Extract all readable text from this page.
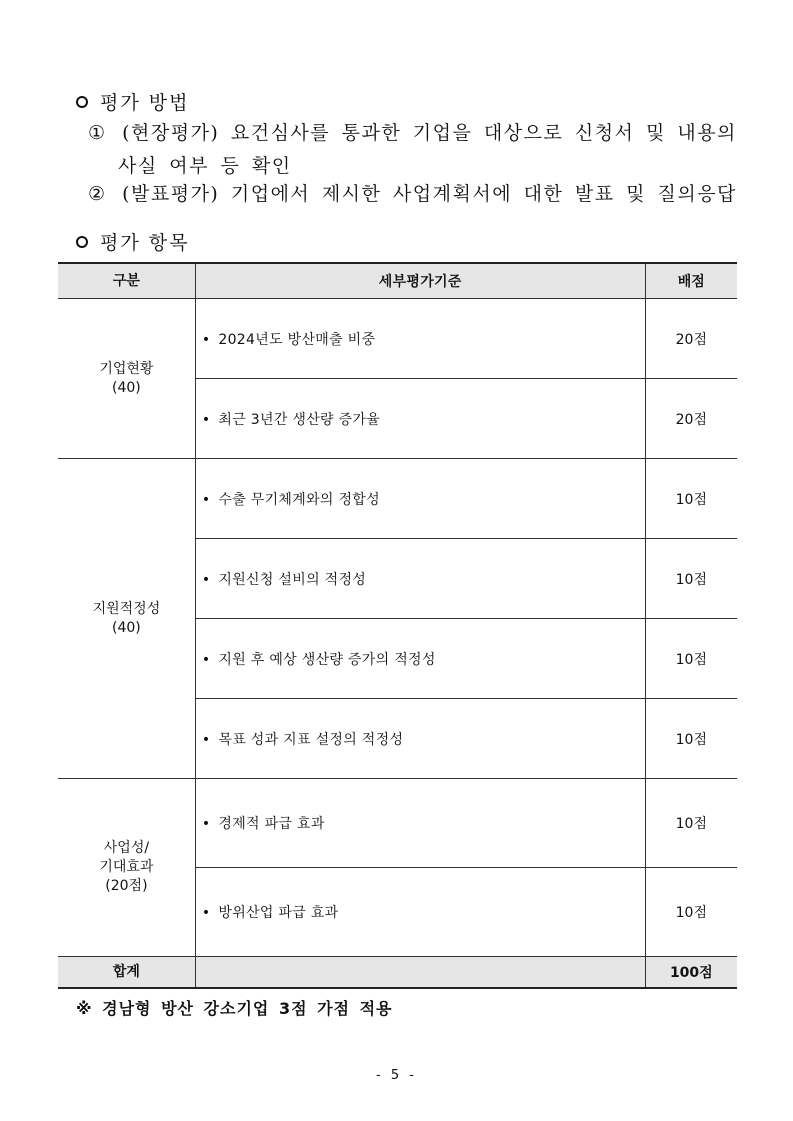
평가 방법
① (현장평가) 요건심사를 통과한 기업을 대상으로 신청서 및 내용의
사실 여부 등 확인
② (발표평가) 기업에서 제시한 사업계획서에 대한 발표 및 질의응답
평가 항목
구분	세부평가기준	배점

기업현황
(40)	• 2024년도 방산매출 비중	20점
	• 최근 3년간 생산량 증가율	20점

지원적정성
(40)	• 수출 무기체계와의 정합성	10점
	• 지원신청 설비의 적정성	10점
	• 지원 후 예상 생산량 증가의 적정성	10점
	• 목표 성과 지표 설정의 적정성	10점

사업성/
기대효과
(20점)	• 경제적 파급 효과	10점
	• 방위산업 파급 효과	10점
합계		100점
※ 경남형 방산 강소기업 3점 가점 적용
- 5 -
